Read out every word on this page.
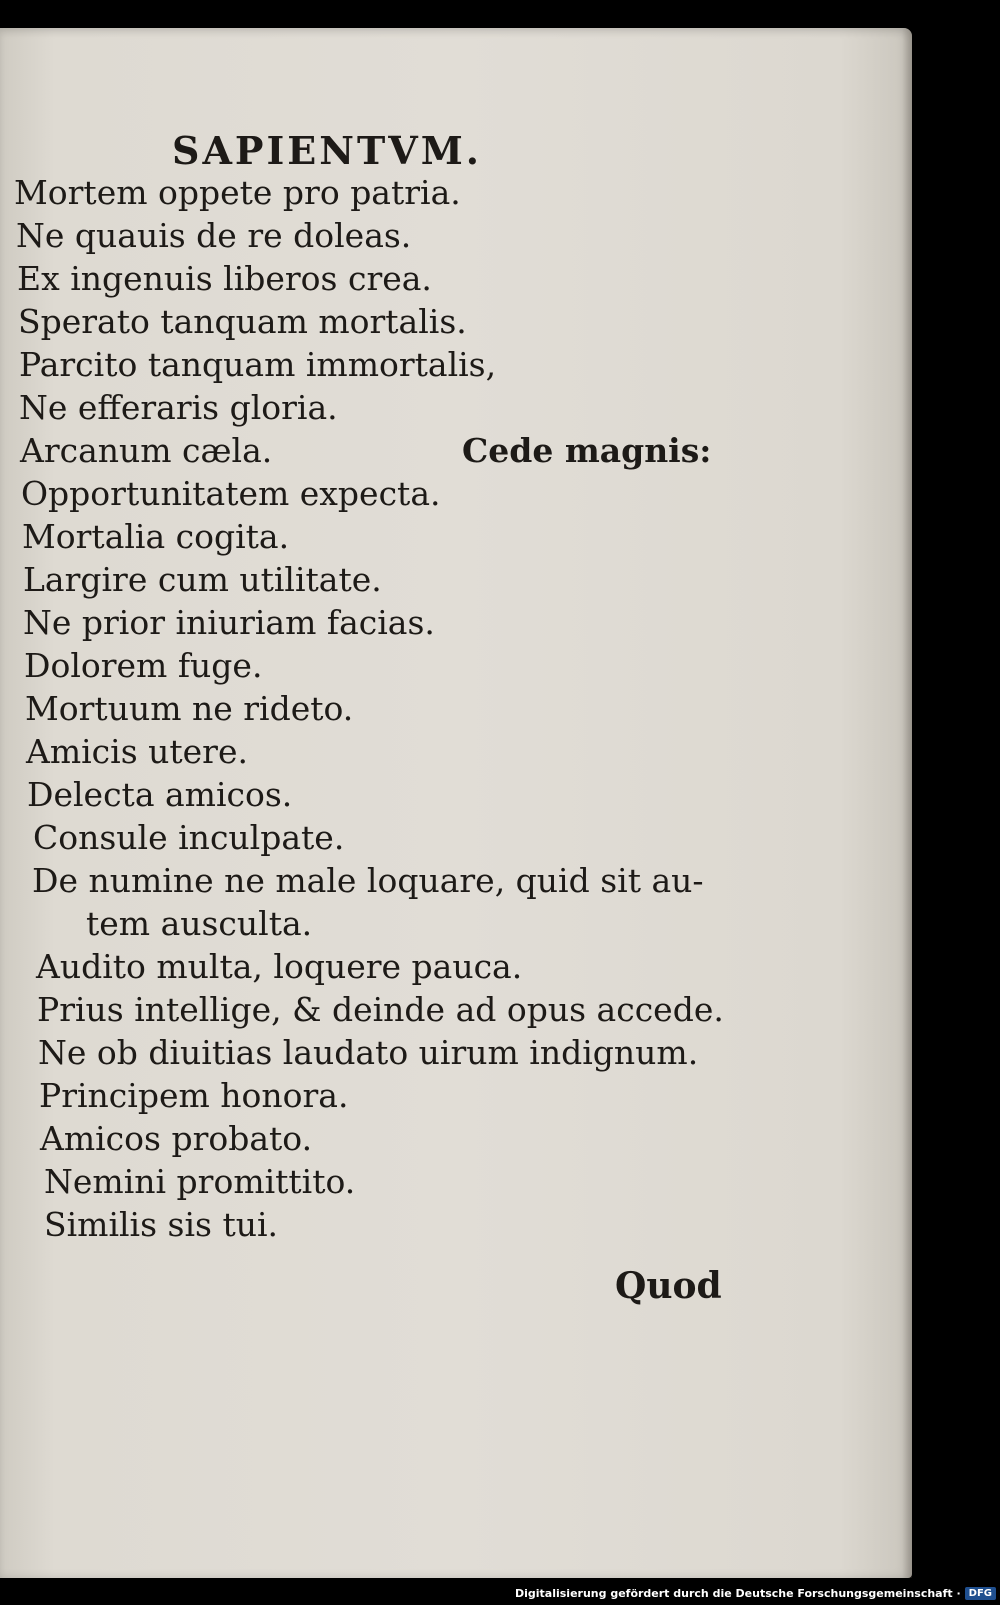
SAPIENTVM.
Mortem oppete pro patria.
Ne quauis de re doleas.
Ex ingenuis liberos crea.
Sperato tanquam mortalis.
Parcito tanquam immortalis,
Ne efferaris gloria.
Arcanum cæla.	Cede magnis:
Opportunitatem expecta.
Mortalia cogita.
Largire cum utilitate.
Ne prior iniuriam facias.
Dolorem fuge.
Mortuum ne rideto.
Amicis utere.
Delecta amicos.
Consule inculpate.
De numine ne male loquare, quid sit au-
tem ausculta.
Audito multa, loquere pauca.
Prius intellige, & deinde ad opus accede.
Ne ob diuitias laudato uirum indignum.
Principem honora.
Amicos probato.
Nemini promittito.
Similis sis tui.
Quod
Digitalisierung gefördert durch die Deutsche Forschungsgemeinschaft · DFG
